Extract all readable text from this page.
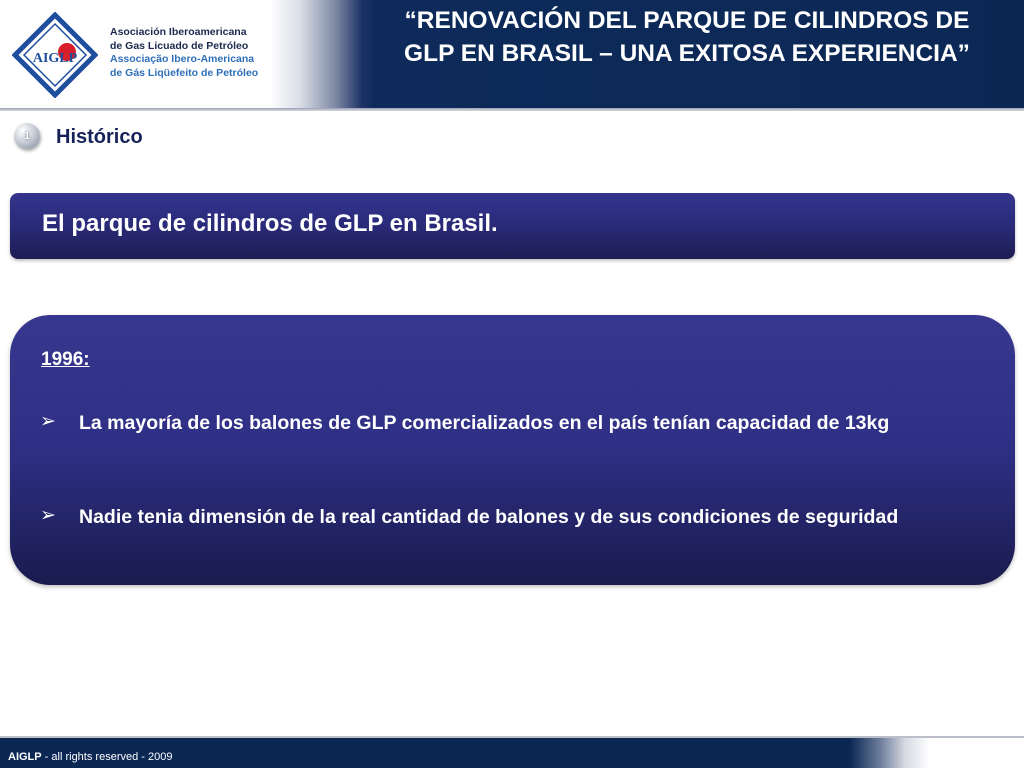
AIGLP
Asociación Iberoamericana
de Gas Licuado de Petróleo
Associação Ibero-Americana
de Gás Liqüefeito de Petróleo
“RENOVACIÓN DEL PARQUE DE CILINDROS DE
GLP EN BRASIL – UNA EXITOSA EXPERIENCIA”
1	Histórico
El parque de cilindros de GLP en Brasil.
1996:
➢ La mayoría de los balones de GLP comercializados en el país tenían capacidad de 13kg
➢ Nadie tenia dimensión de la real cantidad de balones y de sus condiciones de seguridad
AIGLP - all rights reserved - 2009
